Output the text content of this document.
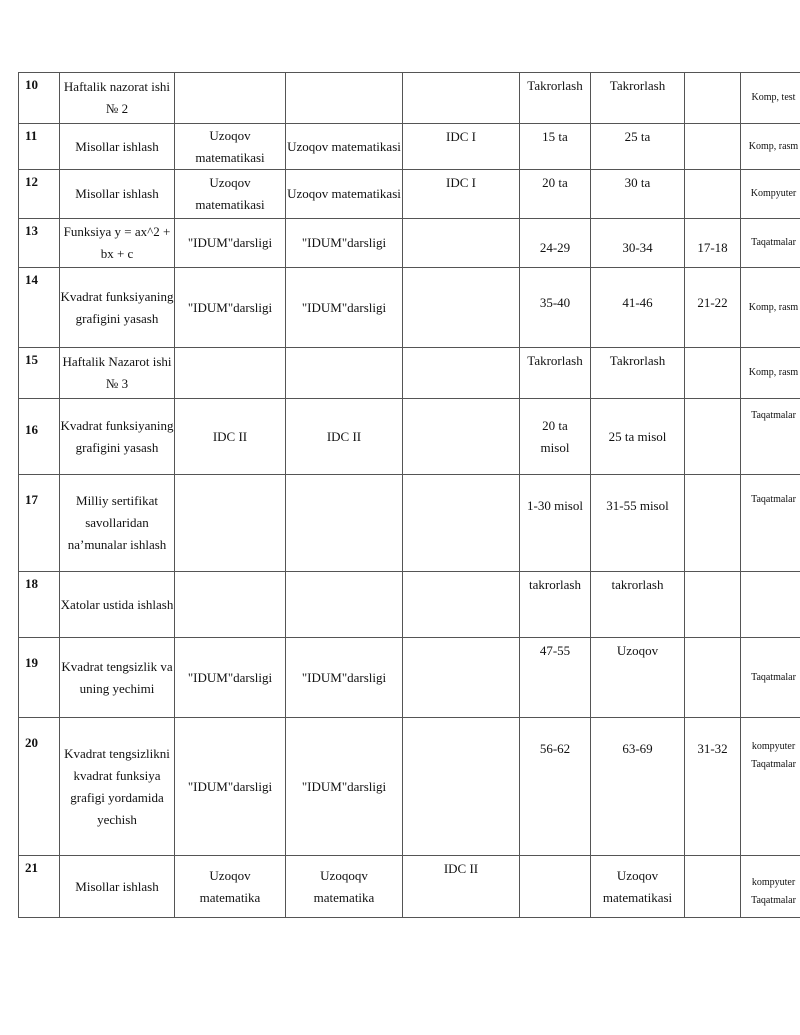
10	Haftalik nazorat ishi № 2				Takrorlash	Takrorlash		Komp, test

11	Misollar ishlash	Uzoqov matematikasi	Uzoqov matematikasi	IDC I	15 ta	25 ta		Komp, rasm

12	Misollar ishlash	Uzoqov matematikasi	Uzoqov matematikasi	IDC I	20 ta	30 ta		Kompyuter

13	Funksiya y = ax^2 + bx + c	"IDUM"darsligi	"IDUM"darsligi		24-29	30-34	17-18	Taqatmalar

14	Kvadrat funksiyaning grafigini yasash	"IDUM"darsligi	"IDUM"darsligi		35-40	41-46	21-22	Komp, rasm

15	Haftalik Nazarot ishi № 3				Takrorlash	Takrorlash		Komp, rasm

16	Kvadrat funksiyaning grafigini yasash	IDC II	IDC II		20 ta misol	25 ta misol		Taqatmalar

17	Milliy sertifikat savollaridan na’munalar ishlash				1-30 misol	31-55 misol		Taqatmalar

18	Xatolar ustida ishlash				takrorlash	takrorlash		

19	Kvadrat tengsizlik va uning yechimi	"IDUM"darsligi	"IDUM"darsligi		47-55	Uzoqov		Taqatmalar

20	Kvadrat tengsizlikni kvadrat funksiya grafigi yordamida yechish	"IDUM"darsligi	"IDUM"darsligi		56-62	63-69	31-32	kompyuter Taqatmalar

21	Misollar ishlash	Uzoqov matematika	Uzoqoqv matematika	IDC II		Uzoqov matematikasi		kompyuter Taqatmalar
